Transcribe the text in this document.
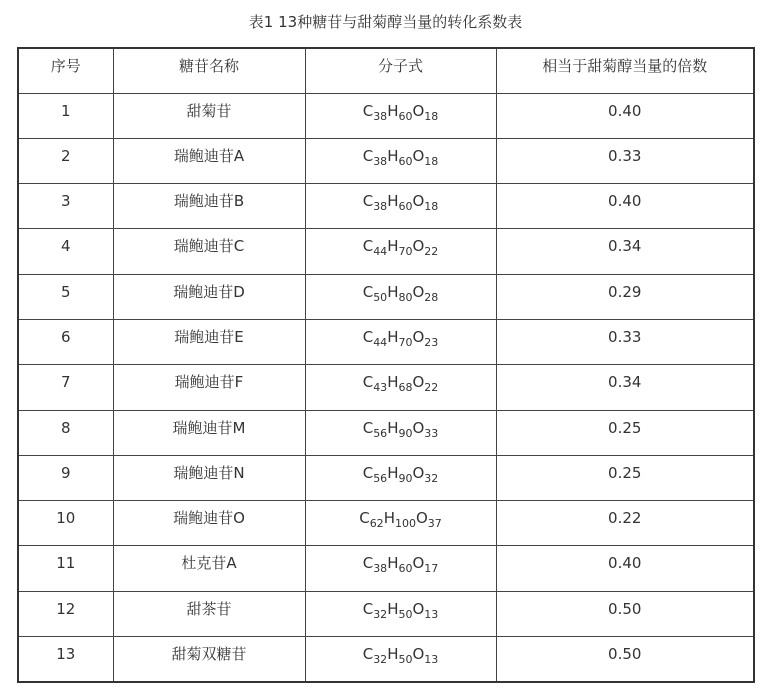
表1 13种糖苷与甜菊醇当量的转化系数表
序号	糖苷名称	分子式	相当于甜菊醇当量的倍数
1	甜菊苷	$C_{38}H_{60}O_{18}$	0.40
2	瑞鲍迪苷A	$C_{38}H_{60}O_{18}$	0.33
3	瑞鲍迪苷B	$C_{38}H_{60}O_{18}$	0.40
4	瑞鲍迪苷C	$C_{44}H_{70}O_{22}$	0.34
5	瑞鲍迪苷D	$C_{50}H_{80}O_{28}$	0.29
6	瑞鲍迪苷E	$C_{44}H_{70}O_{23}$	0.33
7	瑞鲍迪苷F	$C_{43}H_{68}O_{22}$	0.34
8	瑞鲍迪苷M	$C_{56}H_{90}O_{33}$	0.25
9	瑞鲍迪苷N	$C_{56}H_{90}O_{32}$	0.25
10	瑞鲍迪苷O	$C_{62}H_{100}O_{37}$	0.22
11	杜克苷A	$C_{38}H_{60}O_{17}$	0.40
12	甜茶苷	$C_{32}H_{50}O_{13}$	0.50
13	甜菊双糖苷	$C_{32}H_{50}O_{13}$	0.50
